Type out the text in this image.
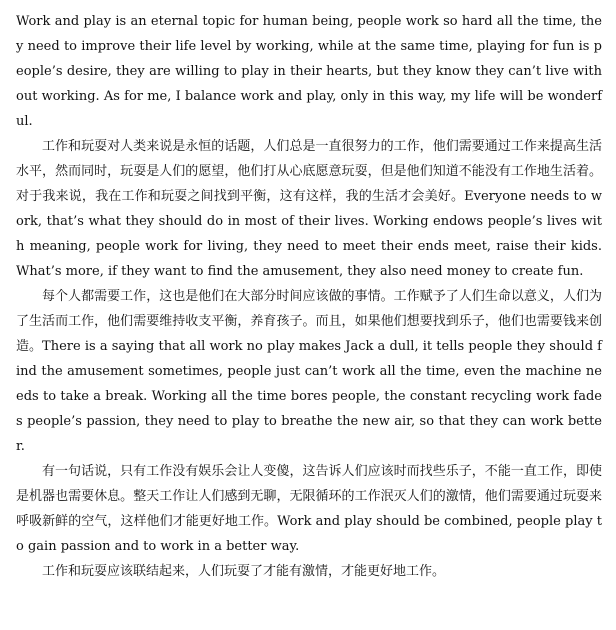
Work and play is an eternal topic for human being, people work so hard all the time, they need to improve their life level by working, while at the same time, playing for fun is people’s desire, they are willing to play in their hearts, but they know they can’t live without working. As for me, I balance work and play, only in this way, my life will be wonderful.

工作和玩耍对人类来说是永恒的话题，人们总是一直很努力的工作，他们需要通过工作来提高生活水平，然而同时，玩耍是人们的愿望，他们打从心底愿意玩耍，但是他们知道不能没有工作地生活着。对于我来说，我在工作和玩耍之间找到平衡，这有这样，我的生活才会美好。Everyone needs to work, that’s what they should do in most of their lives. Working endows people’s lives with meaning, people work for living, they need to meet their ends meet, raise their kids. What’s more, if they want to find the amusement, they also need money to create fun.

每个人都需要工作，这也是他们在大部分时间应该做的事情。工作赋予了人们生命以意义，人们为了生活而工作，他们需要维持收支平衡，养育孩子。而且，如果他们想要找到乐子，他们也需要钱来创造。There is a saying that all work no play makes Jack a dull, it tells people they should find the amusement sometimes, people just can’t work all the time, even the machine needs to take a break. Working all the time bores people, the constant recycling work fades people’s passion, they need to play to breathe the new air, so that they can work better.

有一句话说，只有工作没有娱乐会让人变傻，这告诉人们应该时而找些乐子，不能一直工作，即使是机器也需要休息。整天工作让人们感到无聊，无限循环的工作泯灭人们的激情，他们需要通过玩耍来呼吸新鲜的空气，这样他们才能更好地工作。Work and play should be combined, people play to gain passion and to work in a better way.

工作和玩耍应该联结起来，人们玩耍了才能有激情，才能更好地工作。
